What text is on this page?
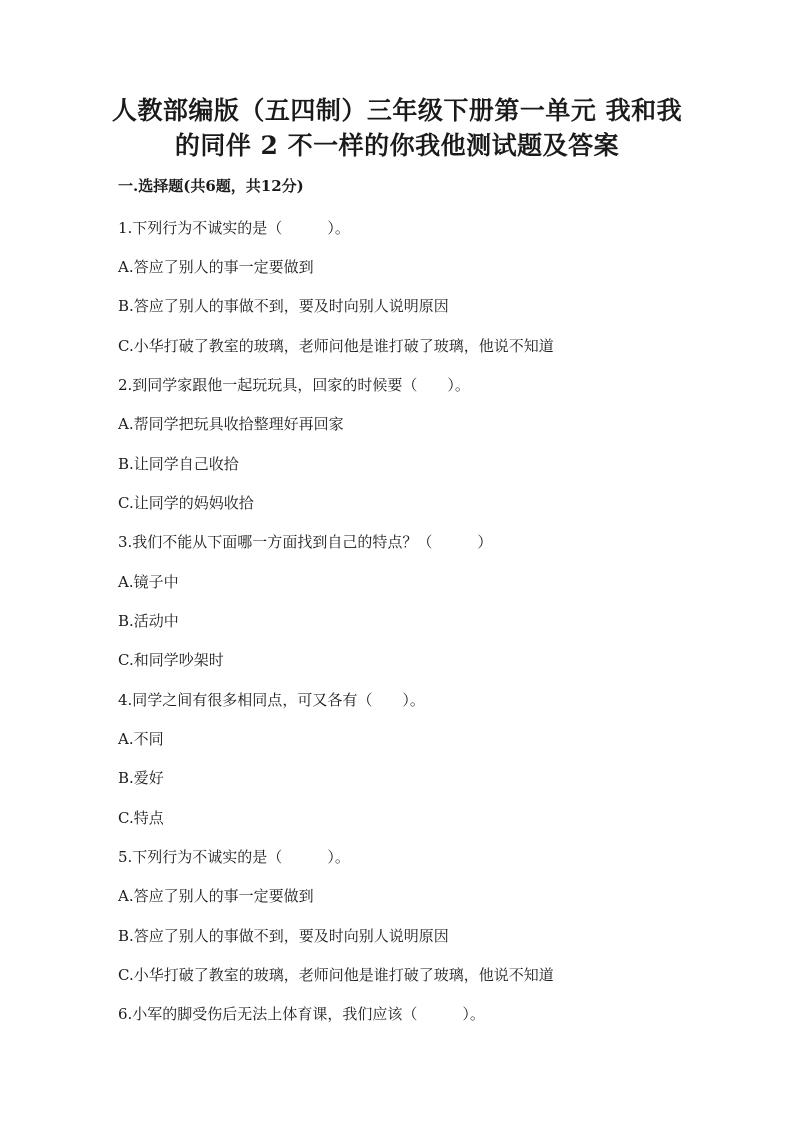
人教部编版（五四制）三年级下册第一单元 我和我
的同伴 2 不一样的你我他测试题及答案
一.选择题(共6题，共12分)
1.下列行为不诚实的是（　　　）。
A.答应了别人的事一定要做到
B.答应了别人的事做不到，要及时向别人说明原因
C.小华打破了教室的玻璃，老师问他是谁打破了玻璃，他说不知道
2.到同学家跟他一起玩玩具，回家的时候要（　　）。
A.帮同学把玩具收拾整理好再回家
B.让同学自己收拾
C.让同学的妈妈收拾
3.我们不能从下面哪一方面找到自己的特点？（　　　）
A.镜子中
B.活动中
C.和同学吵架时
4.同学之间有很多相同点，可又各有（　　）。
A.不同
B.爱好
C.特点
5.下列行为不诚实的是（　　　）。
A.答应了别人的事一定要做到
B.答应了别人的事做不到，要及时向别人说明原因
C.小华打破了教室的玻璃，老师问他是谁打破了玻璃，他说不知道
6.小军的脚受伤后无法上体育课，我们应该（　　　）。
